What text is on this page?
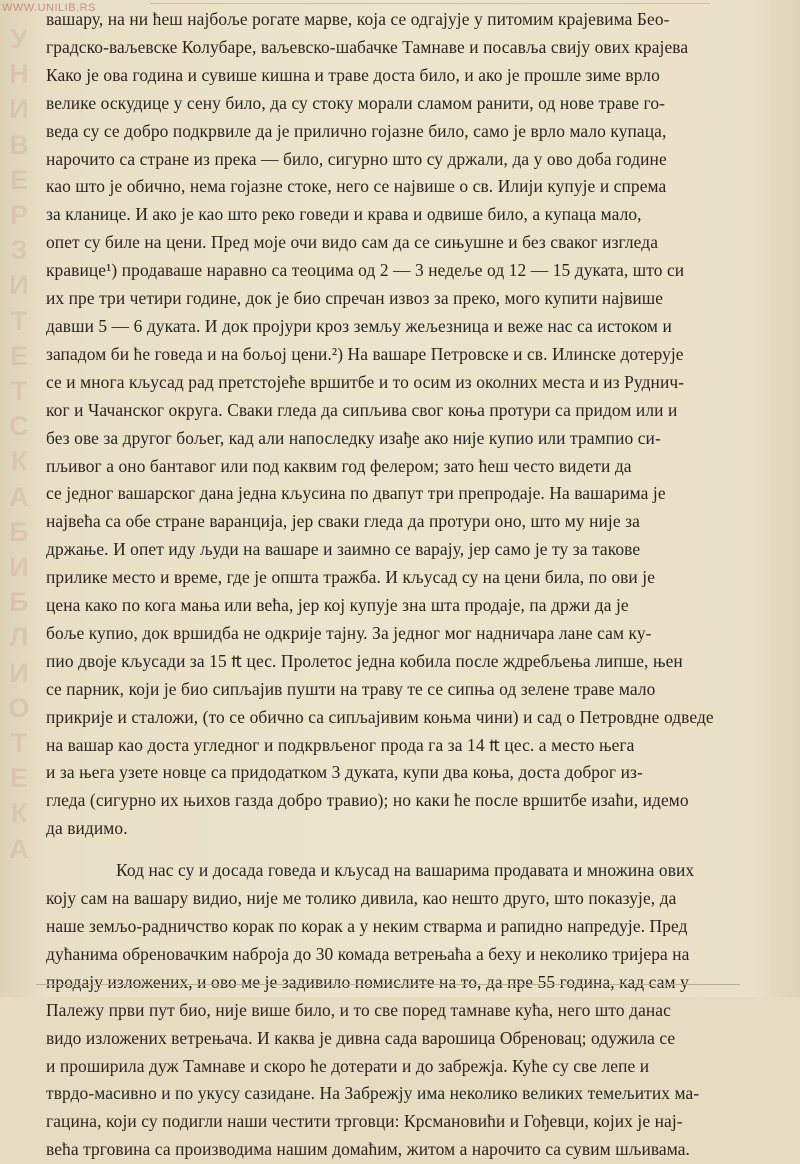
WWW.UNILIB.RS
У
Н
И
В
Е
Р
З
И
Т
Е
Т
С
К
А
Б
И
Б
Л
И
О
Т
Е
К
А
вашару, на ни ћеш најбоље рогате марве, која се одгајује у питомим крајевима Бео-
градско-ваљевске Колубаре, ваљевско-шабачке Тамнаве и посавља свију ових крајева
Како је ова година и сувише кишна и траве доста било, и ако је прошле зиме врло
велике оскудице у сену било, да су стоку морали сламом ранити, од нове траве го-
веда су се добро подкрвиле да је прилично гојазне било, само је врло мало купаца,
нарочито са стране из прека — било, сигурно што су држали, да у ово доба године
као што је обично, нема гојазне стоке, него се највише о св. Илији купује и спрема
за кланице. И ако је као што реко говеди и крава и одвише било, а купаца мало,
опет су биле на цени. Пред моје очи видо сам да се сињушне и без сваког изгледа
кравице¹) продаваше наравно са теоцима од 2 — 3 недеље од 12 — 15 дуката, што си
их пре три четири године, док је био спречан извоз за преко, мого купити највише
давши 5 — 6 дуката. И док пројури кроз земљу жељезница и веже нас са истоком и
западом би ће говеда и на бољој цени.²) На вашаре Петровске и св. Илинске дотерује
се и многа кљусад рад претстојеће вршитбе и то осим из околних места и из Руднич-
ког и Чачанског округа. Сваки гледа да сипљива свог коња протури са придом или и
без ове за другог бољег, кад али напоследку изађе ако није купио или трампио си-
пљивог а оно бантавог или под каквим год фелером; зато ћеш често видети да
се једног вашарског дана једна кљусина по двапут три препродаје. На вашарима је
највећа са обе стране варанција, јер сваки гледа да протури оно, што му није за
држање. И опет иду људи на вашаре и заимно се варају, јер само је ту за такове
прилике место и време, где је општа тражба. И кљусад су на цени била, по ови је
цена како по кога мања или већа, јер кој купује зна шта продаје, па држи да је
боље купио, док вршидба не одкрије тајну. За једног мог надничара лане сам ку-
пио двоје кљусади за 15 ₶ цес. Пролетос једна кобила после ждребљења липше, њен
се парник, који је био сипљајив пушти на траву те се сипња од зелене траве мало
прикрије и сталожи, (то се обично са сипљајивим коњма чини) и сад о Петровдне одведе
на вашар као доста угледног и подкрвљеног прода га за 14 ₶ цес. а место њега
и за њега узете новце са придодатком 3 дуката, купи два коња, доста доброг из-
гледа (сигурно их њихов газда добро травио); но каки ће после вршитбе изаћи, идемо
да видимо.
Код нас су и досада говеда и кљусад на вашарима продавата и множина ових
коју сам на вашару видио, није ме толико дивила, као нешто друго, што показује, да
наше земљо-радничство корак по корак а у неким стварма и рапидно напредује. Пред
дућанима обреновачким наброја до 30 комада ветрењаћа а беху и неколико тријера на
продају изложених, и ово ме је задивило помислите на то, да пре 55 година, кад сам у
Палежу први пут био, није више било, и то све поред тамнаве кућа, него што данас
видо изложених ветрењача. И каква је дивна сада варошица Обреновац; одужила се
и проширила дуж Тамнаве и скоро ће дотерати и до забрежја. Куће су све лепе и
тврдо-масивно и по укусу сазидане. На Забрежју има неколико великих темељитих ма-
гацина, који су подигли наши честити трговци: Крсмановићи и Гођевци, којих је нај-
већа трговина са производима нашим домаћим, житом а нарочито са сувим шљивама.
